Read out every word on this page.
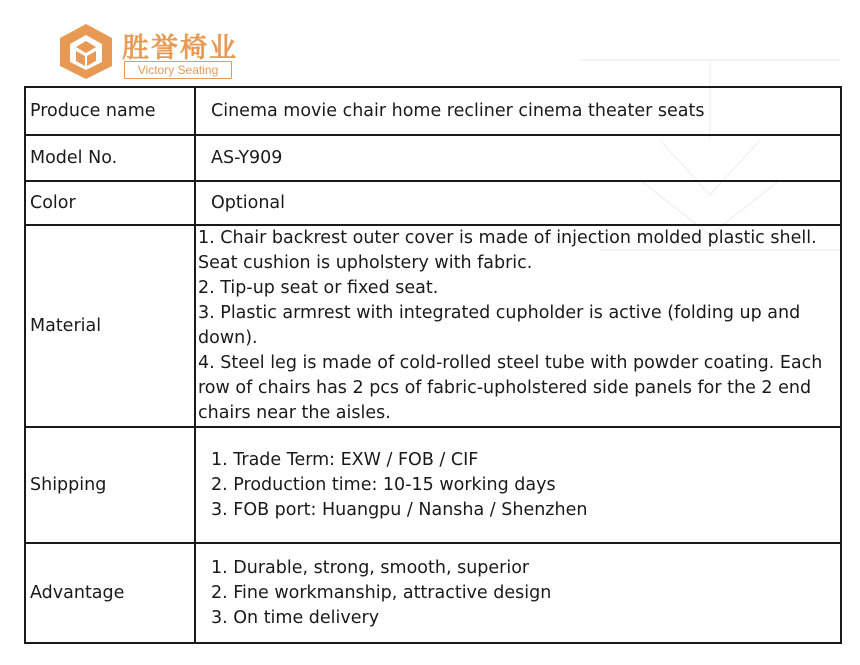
胜誉椅业
Victory Seating
Produce name	Cinema movie chair home recliner cinema theater seats
Model No.	AS-Y909
Color	Optional
Material	1. Chair backrest outer cover is made of injection molded plastic shell. Seat cushion is upholstery with fabric.
2. Tip-up seat or fixed seat.
3. Plastic armrest with integrated cupholder is active (folding up and down).
4. Steel leg is made of cold-rolled steel tube with powder coating. Each row of chairs has 2 pcs of fabric-upholstered side panels for the 2 end chairs near the aisles.

Shipping	1. Trade Term: EXW / FOB / CIF
2. Production time: 10-15 working days
3. FOB port: Huangpu / Nansha / Shenzhen

Advantage	1. Durable, strong, smooth, superior
2. Fine workmanship, attractive design
3. On time delivery
